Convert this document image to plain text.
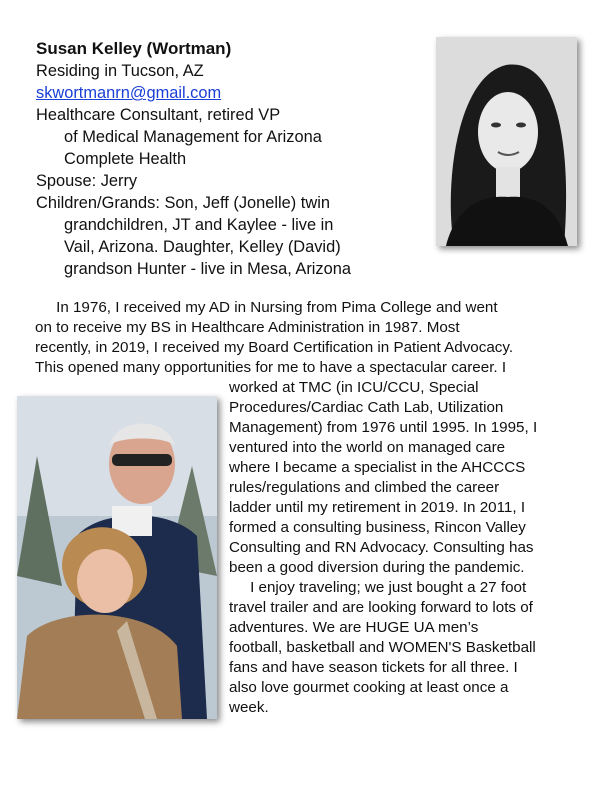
Susan Kelley (Wortman)
Residing in Tucson, AZ
skwortmanrn@gmail.com
Healthcare Consultant, retired VP
of Medical Management for Arizona
Complete Health
Spouse: Jerry
Children/Grands: Son, Jeff (Jonelle) twin
grandchildren, JT and Kaylee - live in
Vail, Arizona. Daughter, Kelley (David)
grandson Hunter - live in Mesa, Arizona
In 1976, I received my AD in Nursing from Pima College and went
on to receive my BS in Healthcare Administration in 1987. Most
recently, in 2019, I received my Board Certification in Patient Advocacy.
This opened many opportunities for me to have a spectacular career. I
worked at TMC (in ICU/CCU, Special
Procedures/Cardiac Cath Lab, Utilization
Management) from 1976 until 1995. In 1995, I
ventured into the world on managed care
where I became a specialist in the AHCCCS
rules/regulations and climbed the career
ladder until my retirement in 2019. In 2011, I
formed a consulting business, Rincon Valley
Consulting and RN Advocacy. Consulting has
been a good diversion during the pandemic.
I enjoy traveling; we just bought a 27 foot
travel trailer and are looking forward to lots of
adventures. We are HUGE UA men’s
football, basketball and WOMEN'S Basketball
fans and have season tickets for all three. I
also love gourmet cooking at least once a
week.
